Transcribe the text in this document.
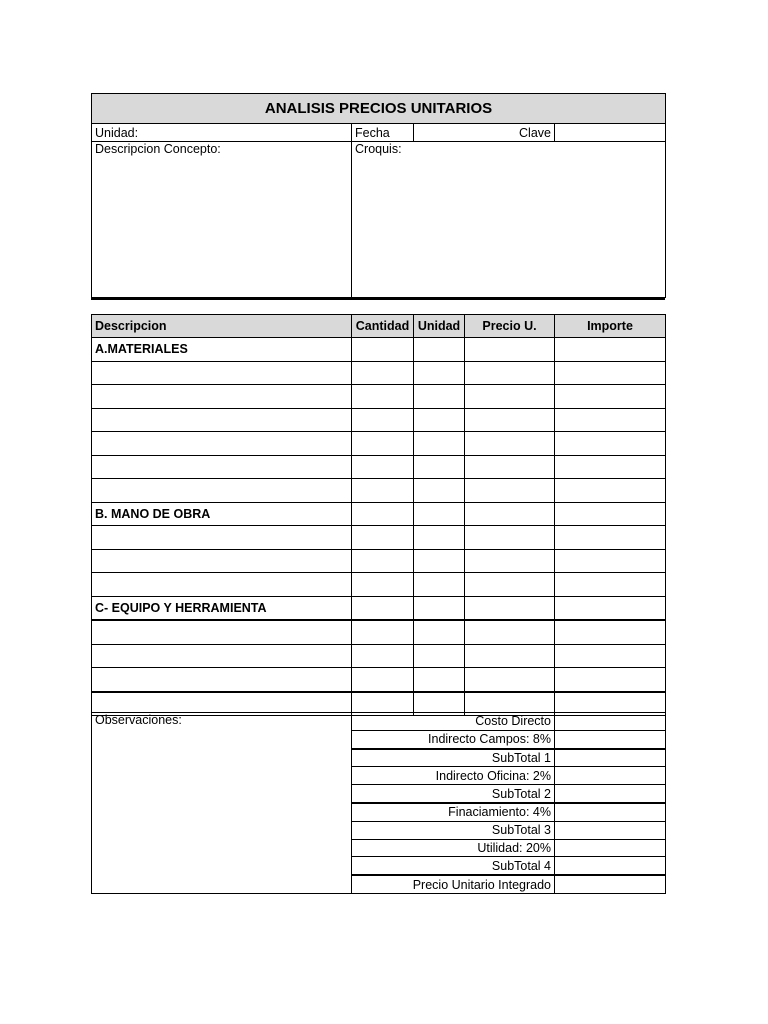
ANALISIS PRECIOS UNITARIOS			
Unidad:	Fecha	Clave	
Descripcion Concepto:	Croquis:		
Descripcion	Cantidad	Unidad	Precio U.	Importe
A.MATERIALES				

B. MANO DE OBRA				

C- EQUIPO Y HERRAMIENTA				

Observaciones:	Costo Directo	
	Indirecto Campos: 8%	
	SubTotal 1	
	Indirecto Oficina: 2%	
	SubTotal 2	
	Finaciamiento: 4%	
	SubTotal 3	
	Utilidad: 20%	
	SubTotal 4	
	Precio Unitario Integrado	
